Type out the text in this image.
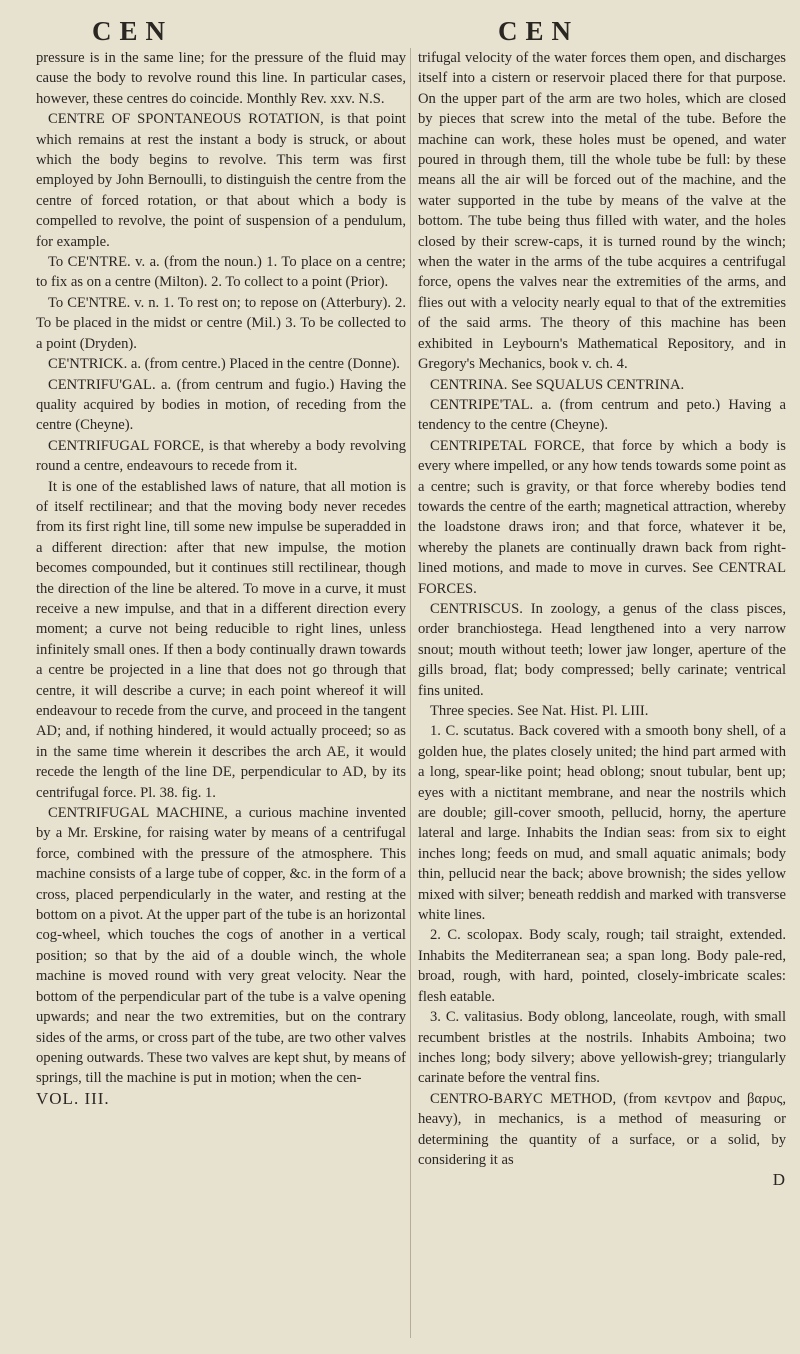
CEN	CEN

pressure is in the same line; for the pressure of the fluid may cause the body to revolve round this line. In particular cases, however, these centres do coincide. Monthly Rev. xxv. N.S.

CENTRE OF SPONTANEOUS ROTATION, is that point which remains at rest the instant a body is struck, or about which the body begins to revolve. This term was first employed by John Bernoulli, to distinguish the centre from the centre of forced rotation, or that about which a body is compelled to revolve, the point of suspension of a pendulum, for example.

To CE'NTRE. v. a. (from the noun.) 1. To place on a centre; to fix as on a centre (Milton). 2. To collect to a point (Prior).

To CE'NTRE. v. n. 1. To rest on; to repose on (Atterbury). 2. To be placed in the midst or centre (Mil.) 3. To be collected to a point (Dryden).

CE'NTRICK. a. (from centre.) Placed in the centre (Donne).

CENTRIFU'GAL. a. (from centrum and fugio.) Having the quality acquired by bodies in motion, of receding from the centre (Cheyne).

CENTRIFUGAL FORCE, is that whereby a body revolving round a centre, endeavours to recede from it.

It is one of the established laws of nature, that all motion is of itself rectilinear; and that the moving body never recedes from its first right line, till some new impulse be superadded in a different direction: after that new impulse, the motion becomes compounded, but it continues still rectilinear, though the direction of the line be altered. To move in a curve, it must receive a new impulse, and that in a different direction every moment; a curve not being reducible to right lines, unless infinitely small ones. If then a body continually drawn towards a centre be projected in a line that does not go through that centre, it will describe a curve; in each point whereof it will endeavour to recede from the curve, and proceed in the tangent AD; and, if nothing hindered, it would actually proceed; so as in the same time wherein it describes the arch AE, it would recede the length of the line DE, perpendicular to AD, by its centrifugal force. Pl. 38. fig. 1.

CENTRIFUGAL MACHINE, a curious machine invented by a Mr. Erskine, for raising water by means of a centrifugal force, combined with the pressure of the atmosphere. This machine consists of a large tube of copper, &c. in the form of a cross, placed perpendicularly in the water, and resting at the bottom on a pivot. At the upper part of the tube is an horizontal cog-wheel, which touches the cogs of another in a vertical position; so that by the aid of a double winch, the whole machine is moved round with very great velocity. Near the bottom of the perpendicular part of the tube is a valve opening upwards; and near the two extremities, but on the contrary sides of the arms, or cross part of the tube, are two other valves opening outwards. These two valves are kept shut, by means of springs, till the machine is put in motion; when the cen-

VOL. III.

trifugal velocity of the water forces them open, and discharges itself into a cistern or reservoir placed there for that purpose. On the upper part of the arm are two holes, which are closed by pieces that screw into the metal of the tube. Before the machine can work, these holes must be opened, and water poured in through them, till the whole tube be full: by these means all the air will be forced out of the machine, and the water supported in the tube by means of the valve at the bottom. The tube being thus filled with water, and the holes closed by their screw-caps, it is turned round by the winch; when the water in the arms of the tube acquires a centrifugal force, opens the valves near the extremities of the arms, and flies out with a velocity nearly equal to that of the extremities of the said arms. The theory of this machine has been exhibited in Leybourn's Mathematical Repository, and in Gregory's Mechanics, book v. ch. 4.

CENTRINA. See SQUALUS CENTRINA.

CENTRIPE'TAL. a. (from centrum and peto.) Having a tendency to the centre (Cheyne).

CENTRIPETAL FORCE, that force by which a body is every where impelled, or any how tends towards some point as a centre; such is gravity, or that force whereby bodies tend towards the centre of the earth; magnetical attraction, whereby the loadstone draws iron; and that force, whatever it be, whereby the planets are continually drawn back from right-lined motions, and made to move in curves. See CENTRAL FORCES.

CENTRISCUS. In zoology, a genus of the class pisces, order branchiostega. Head lengthened into a very narrow snout; mouth without teeth; lower jaw longer, aperture of the gills broad, flat; body compressed; belly carinate; ventrical fins united.

Three species. See Nat. Hist. Pl. LIII.

1. C. scutatus. Back covered with a smooth bony shell, of a golden hue, the plates closely united; the hind part armed with a long, spear-like point; head oblong; snout tubular, bent up; eyes with a nictitant membrane, and near the nostrils which are double; gill-cover smooth, pellucid, horny, the aperture lateral and large. Inhabits the Indian seas: from six to eight inches long; feeds on mud, and small aquatic animals; body thin, pellucid near the back; above brownish; the sides yellow mixed with silver; beneath reddish and marked with transverse white lines.

2. C. scolopax. Body scaly, rough; tail straight, extended. Inhabits the Mediterranean sea; a span long. Body pale-red, broad, rough, with hard, pointed, closely-imbricate scales: flesh eatable.

3. C. valitasius. Body oblong, lanceolate, rough, with small recumbent bristles at the nostrils. Inhabits Amboina; two inches long; body silvery; above yellowish-grey; triangularly carinate before the ventral fins.

CENTRO-BARYC METHOD, (from κεντρον and βαρυς, heavy), in mechanics, is a method of measuring or determining the quantity of a surface, or a solid, by considering it as

D
